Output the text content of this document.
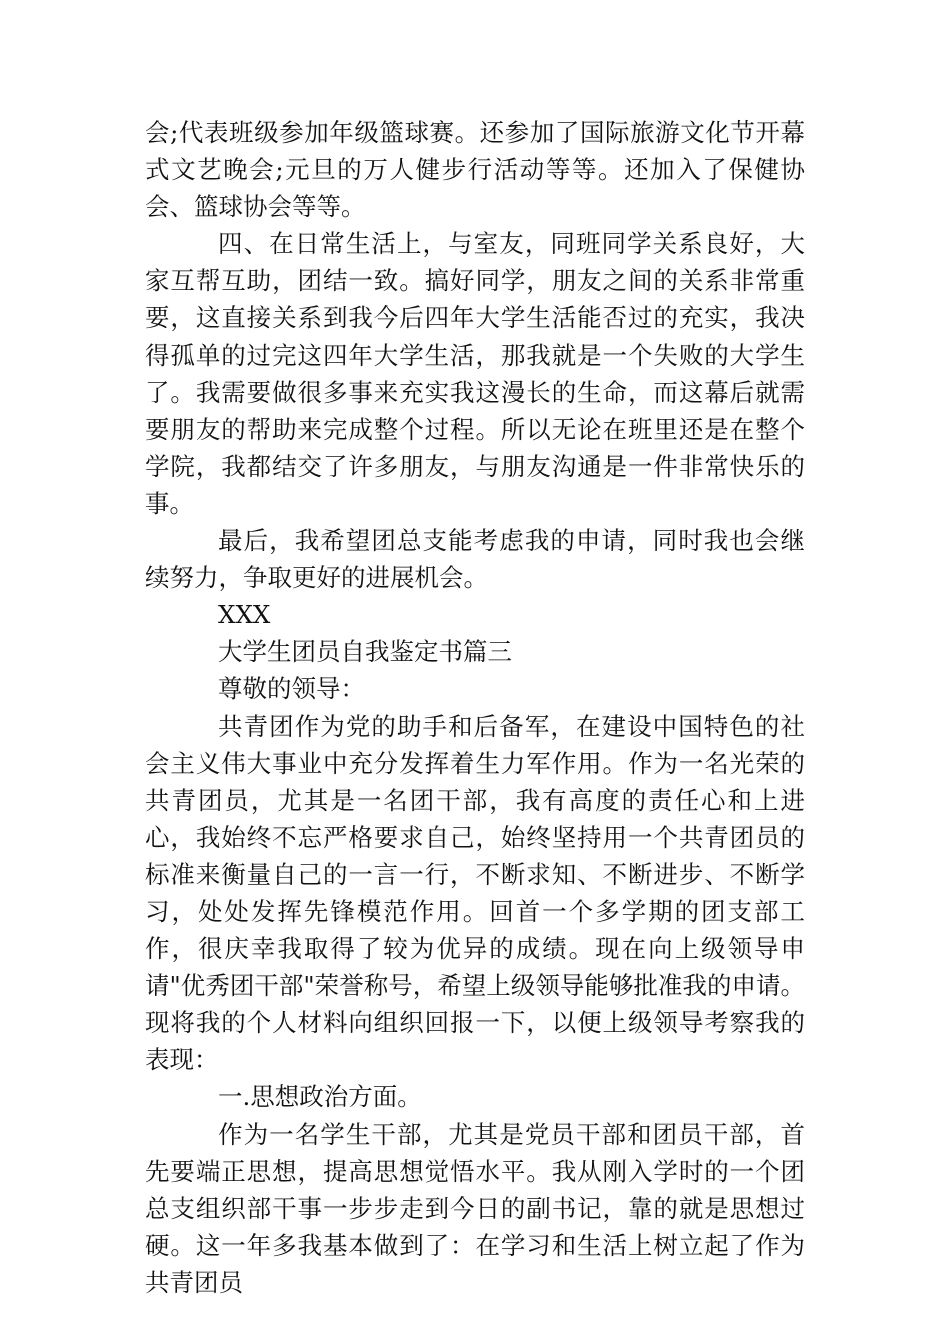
会;代表班级参加年级篮球赛。还参加了国际旅游文化节开幕式文艺晚会;元旦的万人健步行活动等等。还加入了保健协会、篮球协会等等。

四、在日常生活上，与室友，同班同学关系良好，大家互帮互助，团结一致。搞好同学，朋友之间的关系非常重要，这直接关系到我今后四年大学生活能否过的充实，我决得孤单的过完这四年大学生活，那我就是一个失败的大学生了。我需要做很多事来充实我这漫长的生命，而这幕后就需要朋友的帮助来完成整个过程。所以无论在班里还是在整个学院，我都结交了许多朋友，与朋友沟通是一件非常快乐的事。

最后，我希望团总支能考虑我的申请，同时我也会继续努力，争取更好的进展机会。

XXX

大学生团员自我鉴定书篇三

尊敬的领导：

共青团作为党的助手和后备军，在建设中国特色的社会主义伟大事业中充分发挥着生力军作用。作为一名光荣的共青团员，尤其是一名团干部，我有高度的责任心和上进心，我始终不忘严格要求自己，始终坚持用一个共青团员的标准来衡量自己的一言一行，不断求知、不断进步、不断学习，处处发挥先锋模范作用。回首一个多学期的团支部工作，很庆幸我取得了较为优异的成绩。现在向上级领导申请"优秀团干部"荣誉称号，希望上级领导能够批准我的申请。现将我的个人材料向组织回报一下，以便上级领导考察我的表现：

一.思想政治方面。

作为一名学生干部，尤其是党员干部和团员干部，首先要端正思想，提高思想觉悟水平。我从刚入学时的一个团总支组织部干事一步步走到今日的副书记，靠的就是思想过硬。这一年多我基本做到了：在学习和生活上树立起了作为共青团员
